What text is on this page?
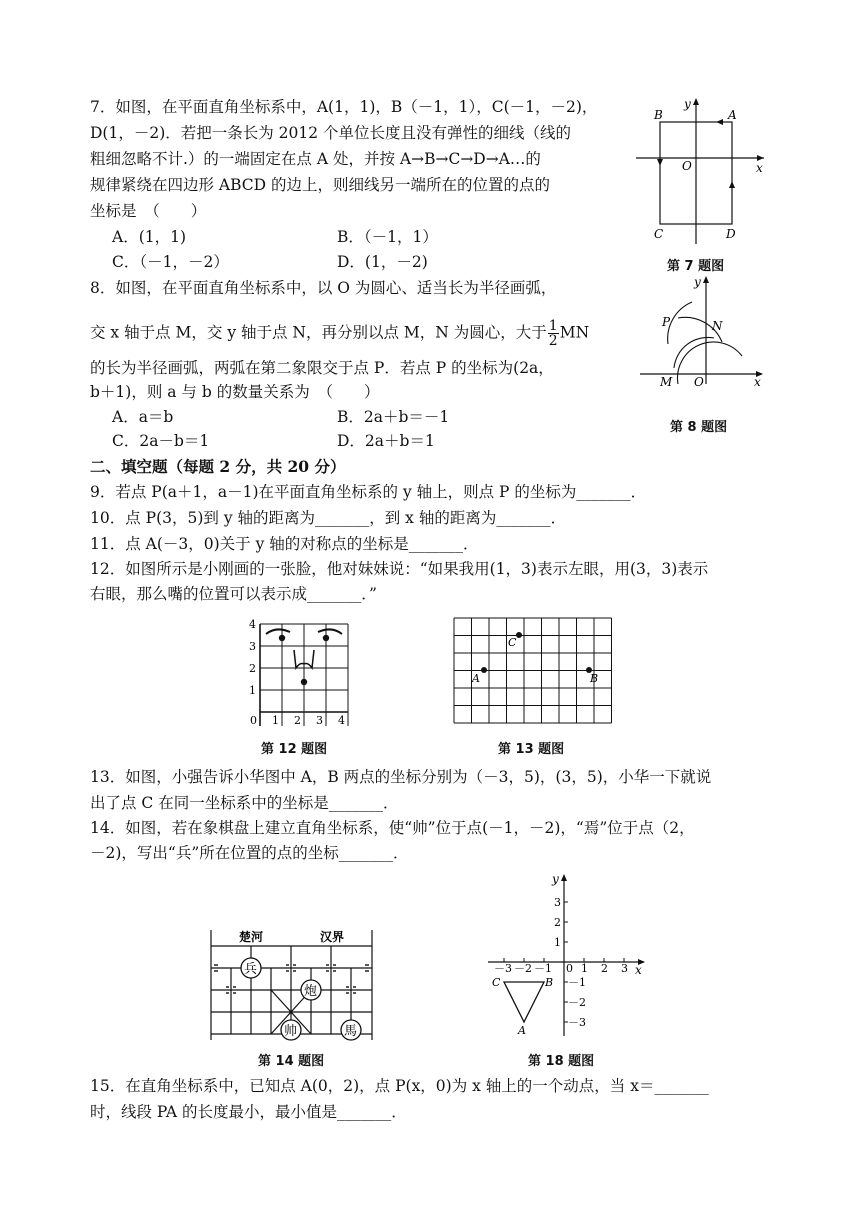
7．如图，在平面直角坐标系中，A(1，1)，B（－1，1），C(－1，－2)，
D(1，－2)．若把一条长为 2012 个单位长度且没有弹性的细线（线的
粗细忽略不计.）的一端固定在点 A 处，并按 A→B→C→D→A…的
规律紧绕在四边形 ABCD 的边上，则细线另一端所在的位置的点的
坐标是　（　　）
A．(1，1)	B．（－1，1）
C．（－1，－2）	D．(1，－2)
y
x
O
A
B
C	D
第 7 题图
8．如图，在平面直角坐标系中，以 O 为圆心、适当长为半径画弧，
交 x 轴于点 M，交 y 轴于点 N，再分别以点 M，N 为圆心，大于 $\frac{1}{2}$ MN
的长为半径画弧，两弧在第二象限交于点 P．若点 P 的坐标为(2a，
b＋1)，则 a 与 b 的数量关系为　（　　）
A．a＝b	B．2a＋b＝－1
C．2a－b＝1	D．2a＋b＝1
y
x
O
P	N
M
第 8 题图
二、填空题（每题 2 分，共 20 分）
9．若点 P(a＋1，a－1)在平面直角坐标系的 y 轴上，则点 P 的坐标为_______．
10．点 P(3，5)到 y 轴的距离为_______，到 x 轴的距离为_______．
11．点 A(－3，0)关于 y 轴的对称点的坐标是_______．
12．如图所示是小刚画的一张脸，他对妹妹说：“如果我用(1，3)表示左眼，用(3，3)表示
右眼，那么嘴的位置可以表示成_______．”
4
3
2
1
0 1 2 3 4
第 12 题图
A	B
C
第 13 题图
13．如图，小强告诉小华图中 A，B 两点的坐标分别为（－3，5)，(3，5)，小华一下就说
出了点 C 在同一坐标系中的坐标是_______．
14．如图，若在象棋盘上建立直角坐标系，使“帅”位于点(－1，－2)，“焉”位于点（2，
－2)，写出“兵”所在位置的点的坐标_______．
楚河	汉界
兵
炮
帅	馬
第 14 题图
y
x
0
－3 －2 －1	1 2 3
3
2
1
－1
－2
－3
C	B
A
第 18 题图
15．在直角坐标系中，已知点 A(0，2)，点 P(x，0)为 x 轴上的一个动点，当 x＝_______
时，线段 PA 的长度最小，最小值是_______．
